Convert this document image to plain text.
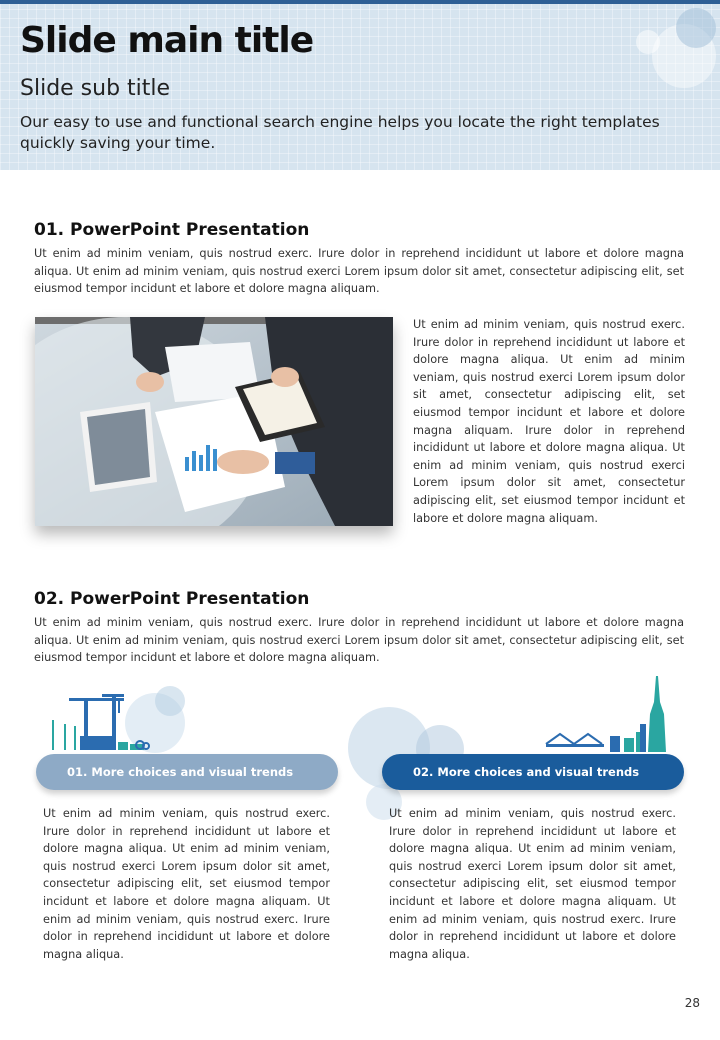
Slide main title
Slide sub title

Our easy to use and functional search engine helps you locate the right templates quickly saving your time.

01. PowerPoint Presentation

Ut enim ad minim veniam, quis nostrud exerc. Irure dolor in reprehend incididunt ut labore et dolore magna aliqua. Ut enim ad minim veniam, quis nostrud exerci Lorem ipsum dolor sit amet, consectetur adipiscing elit, set eiusmod tempor incidunt et labore et dolore magna aliquam.

Ut enim ad minim veniam, quis nostrud exerc. Irure dolor in reprehend incididunt ut labore et dolore magna aliqua. Ut enim ad minim veniam, quis nostrud exerci Lorem ipsum dolor sit amet, consectetur adipiscing elit, set eiusmod tempor incidunt et labore et dolore magna aliquam. Irure dolor in reprehend incididunt ut labore et dolore magna aliqua. Ut enim ad minim veniam, quis nostrud exerci Lorem ipsum dolor sit amet, consectetur adipiscing elit, set eiusmod tempor incidunt et labore et dolore magna aliquam.

02. PowerPoint Presentation

Ut enim ad minim veniam, quis nostrud exerc. Irure dolor in reprehend incididunt ut labore et dolore magna aliqua. Ut enim ad minim veniam, quis nostrud exerci Lorem ipsum dolor sit amet, consectetur adipiscing elit, set eiusmod tempor incidunt et labore et dolore magna aliquam.

01. More choices and visual trends	02. More choices and visual trends

Ut enim ad minim veniam, quis nostrud exerc. Irure dolor in reprehend incididunt ut labore et dolore magna aliqua. Ut enim ad minim veniam, quis nostrud exerci Lorem ipsum dolor sit amet, consectetur adipiscing elit, set eiusmod tempor incidunt et labore et dolore magna aliquam. Ut enim ad minim veniam, quis nostrud exerc. Irure dolor in reprehend incididunt ut labore et dolore magna aliqua.

Ut enim ad minim veniam, quis nostrud exerc. Irure dolor in reprehend incididunt ut labore et dolore magna aliqua. Ut enim ad minim veniam, quis nostrud exerci Lorem ipsum dolor sit amet, consectetur adipiscing elit, set eiusmod tempor incidunt et labore et dolore magna aliquam. Ut enim ad minim veniam, quis nostrud exerc. Irure dolor in reprehend incididunt ut labore et dolore magna aliqua.

28
